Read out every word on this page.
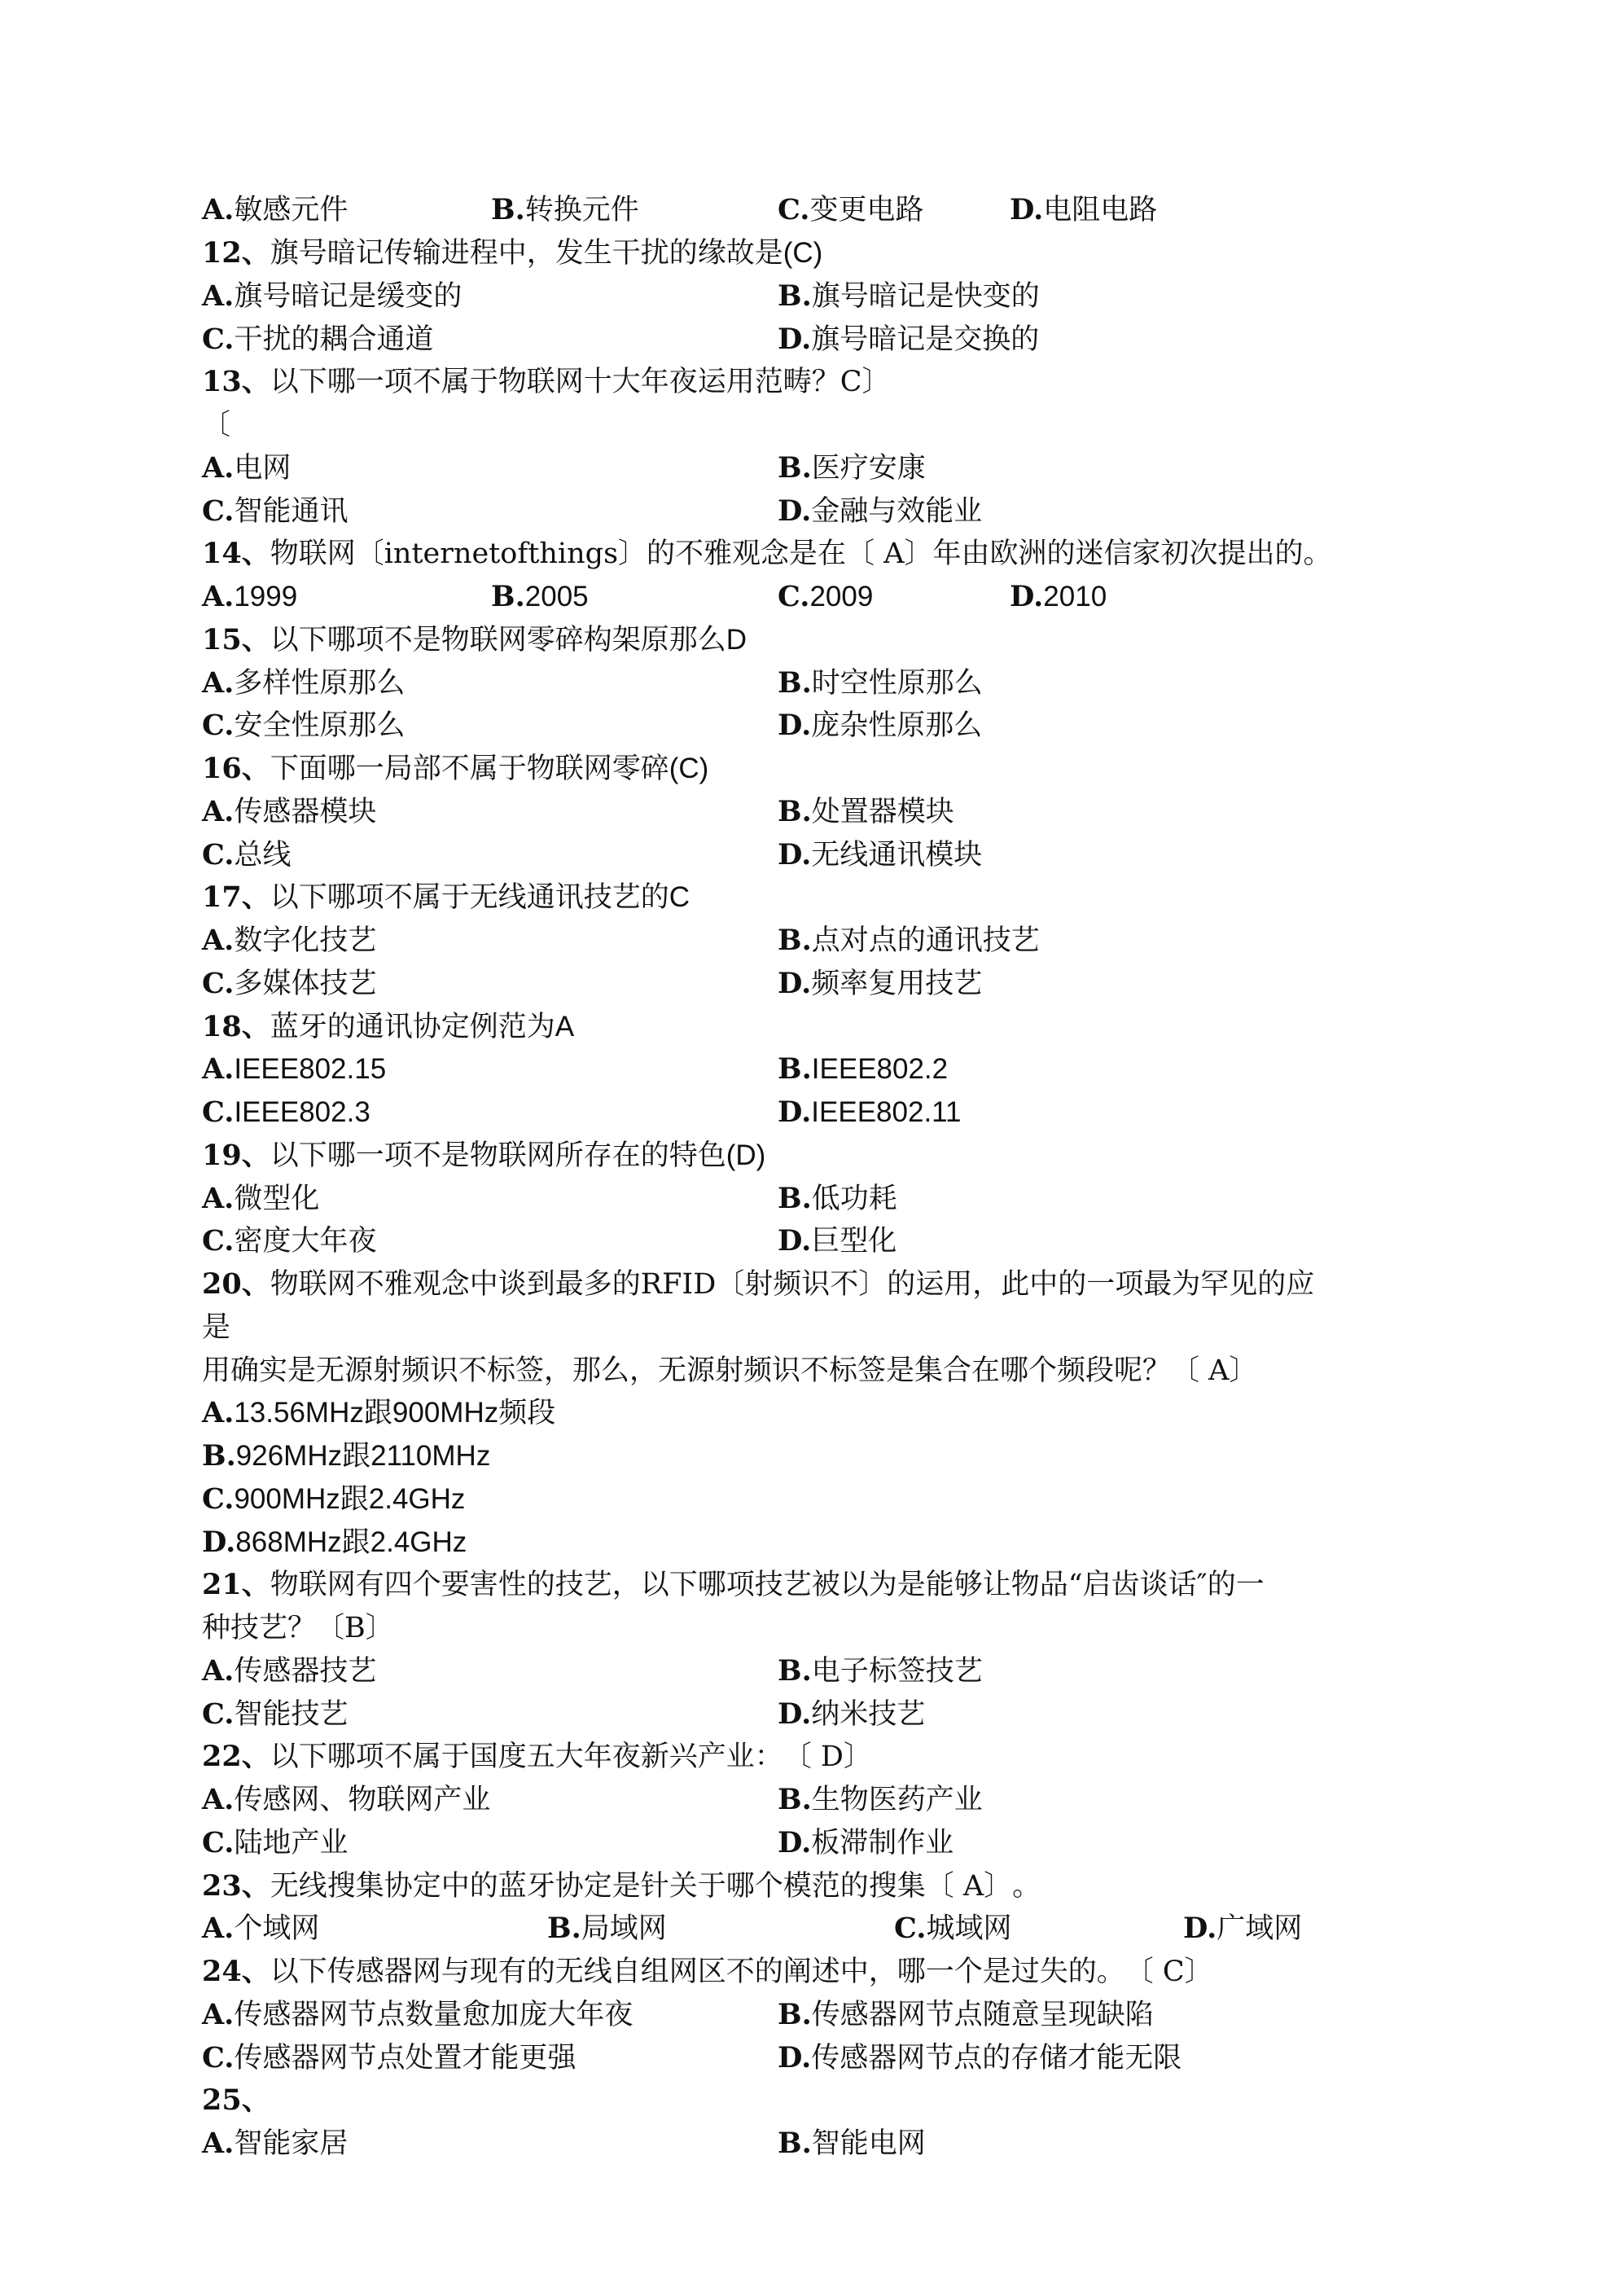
A.敏感元件	B.转换元件	C.变更电路	D.电阻电路
12、旗号暗记传输进程中，发生干扰的缘故是(C)
A.旗号暗记是缓变的	B.旗号暗记是快变的
C.干扰的耦合通道	D.旗号暗记是交换的
13、以下哪一项不属于物联网十大年夜运用范畴？C〕
〔
A.电网	B.医疗安康
C.智能通讯	D.金融与效能业
14、物联网〔internetofthings〕的不雅观念是在〔 A〕年由欧洲的迷信家初次提出的。
A.1999	B.2005	C.2009	D.2010
15、以下哪项不是物联网零碎构架原那么D
A.多样性原那么	B.时空性原那么
C.安全性原那么	D.庞杂性原那么
16、下面哪一局部不属于物联网零碎(C)
A.传感器模块	B.处置器模块
C.总线	D.无线通讯模块
17、以下哪项不属于无线通讯技艺的C
A.数字化技艺	B.点对点的通讯技艺
C.多媒体技艺	D.频率复用技艺
18、蓝牙的通讯协定例范为A
A.IEEE802.15	B.IEEE802.2
C.IEEE802.3	D.IEEE802.11
19、以下哪一项不是物联网所存在的特色(D)
A.微型化	B.低功耗
C.密度大年夜	D.巨型化
20、物联网不雅观念中谈到最多的RFID〔射频识不〕的运用，此中的一项最为罕见的应
是
用确实是无源射频识不标签，那么，无源射频识不标签是集合在哪个频段呢？〔 A〕
A.13.56MHz跟900MHz频段
B.926MHz跟2110MHz
C.900MHz跟2.4GHz
D.868MHz跟2.4GHz
21、物联网有四个要害性的技艺，以下哪项技艺被以为是能够让物品“启齿谈话″的一
种技艺？〔B〕
A.传感器技艺	B.电子标签技艺
C.智能技艺	D.纳米技艺
22、以下哪项不属于国度五大年夜新兴产业：〔 D〕
A.传感网、物联网产业	B.生物医药产业
C.陆地产业	D.板滞制作业
23、无线搜集协定中的蓝牙协定是针关于哪个模范的搜集〔 A〕。
A.个域网	B.局域网	C.城域网	D.广域网
24、以下传感器网与现有的无线自组网区不的阐述中，哪一个是过失的。〔 C〕
A.传感器网节点数量愈加庞大年夜	B.传感器网节点随意呈现缺陷
C.传感器网节点处置才能更强	D.传感器网节点的存储才能无限
25、
A.智能家居	B.智能电网
